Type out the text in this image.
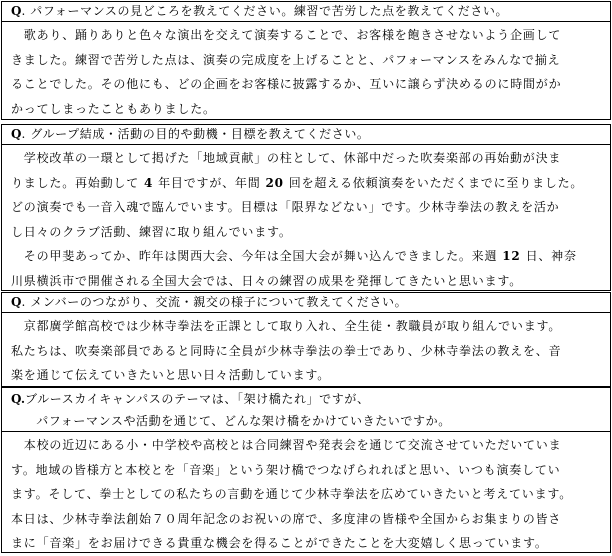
Q. パフォーマンスの見どころを教えてください。練習で苦労した点を教えてください。
　歌あり、踊りありと色々な演出を交えて演奏することで、お客様を飽きさせないよう企画して
きました。練習で苦労した点は、演奏の完成度を上げることと、パフォーマンスをみんなで揃え
ることでした。その他にも、どの企画をお客様に披露するか、互いに譲らず決めるのに時間がか
かってしまったこともありました。
Q. グループ結成・活動の目的や動機・目標を教えてください。
　学校改革の一環として掲げた「地域貢献」の柱として、休部中だった吹奏楽部の再始動が決ま
りました。再始動して 4 年目ですが、年間 20 回を超える依頼演奏をいただくまでに至りました。
どの演奏でも一音入魂で臨んでいます。目標は「限界などない」です。少林寺拳法の教えを活か
し日々のクラブ活動、練習に取り組んでいます。
　その甲斐あってか、昨年は関西大会、今年は全国大会が舞い込んできました。来週 12 日、神奈
川県横浜市で開催される全国大会では、日々の練習の成果を発揮してきたいと思います。
Q. メンバーのつながり、交流・親交の様子について教えてください。
　京都廣学館高校では少林寺拳法を正課として取り入れ、全生徒・教職員が取り組んでいます。
私たちは、吹奏楽部員であると同時に全員が少林寺拳法の拳士であり、少林寺拳法の教えを、音
楽を通じて伝えていきたいと思い日々活動しています。
Q.ブルースカイキャンパスのテーマは、「架け橋たれ」ですが、
　　パフォーマンスや活動を通じて、どんな架け橋をかけていきたいですか。
　本校の近辺にある小・中学校や高校とは合同練習や発表会を通じて交流させていただいていま
す。地域の皆様方と本校とを「音楽」という架け橋でつなげられればと思い、いつも演奏してい
ます。そして、拳士としての私たちの言動を通じて少林寺拳法を広めていきたいと考えています。
本日は、少林寺拳法創始７０周年記念のお祝いの席で、多度津の皆様や全国からお集まりの皆さ
まに「音楽」をお届けできる貴重な機会を得ることができたことを大変嬉しく思っています。
